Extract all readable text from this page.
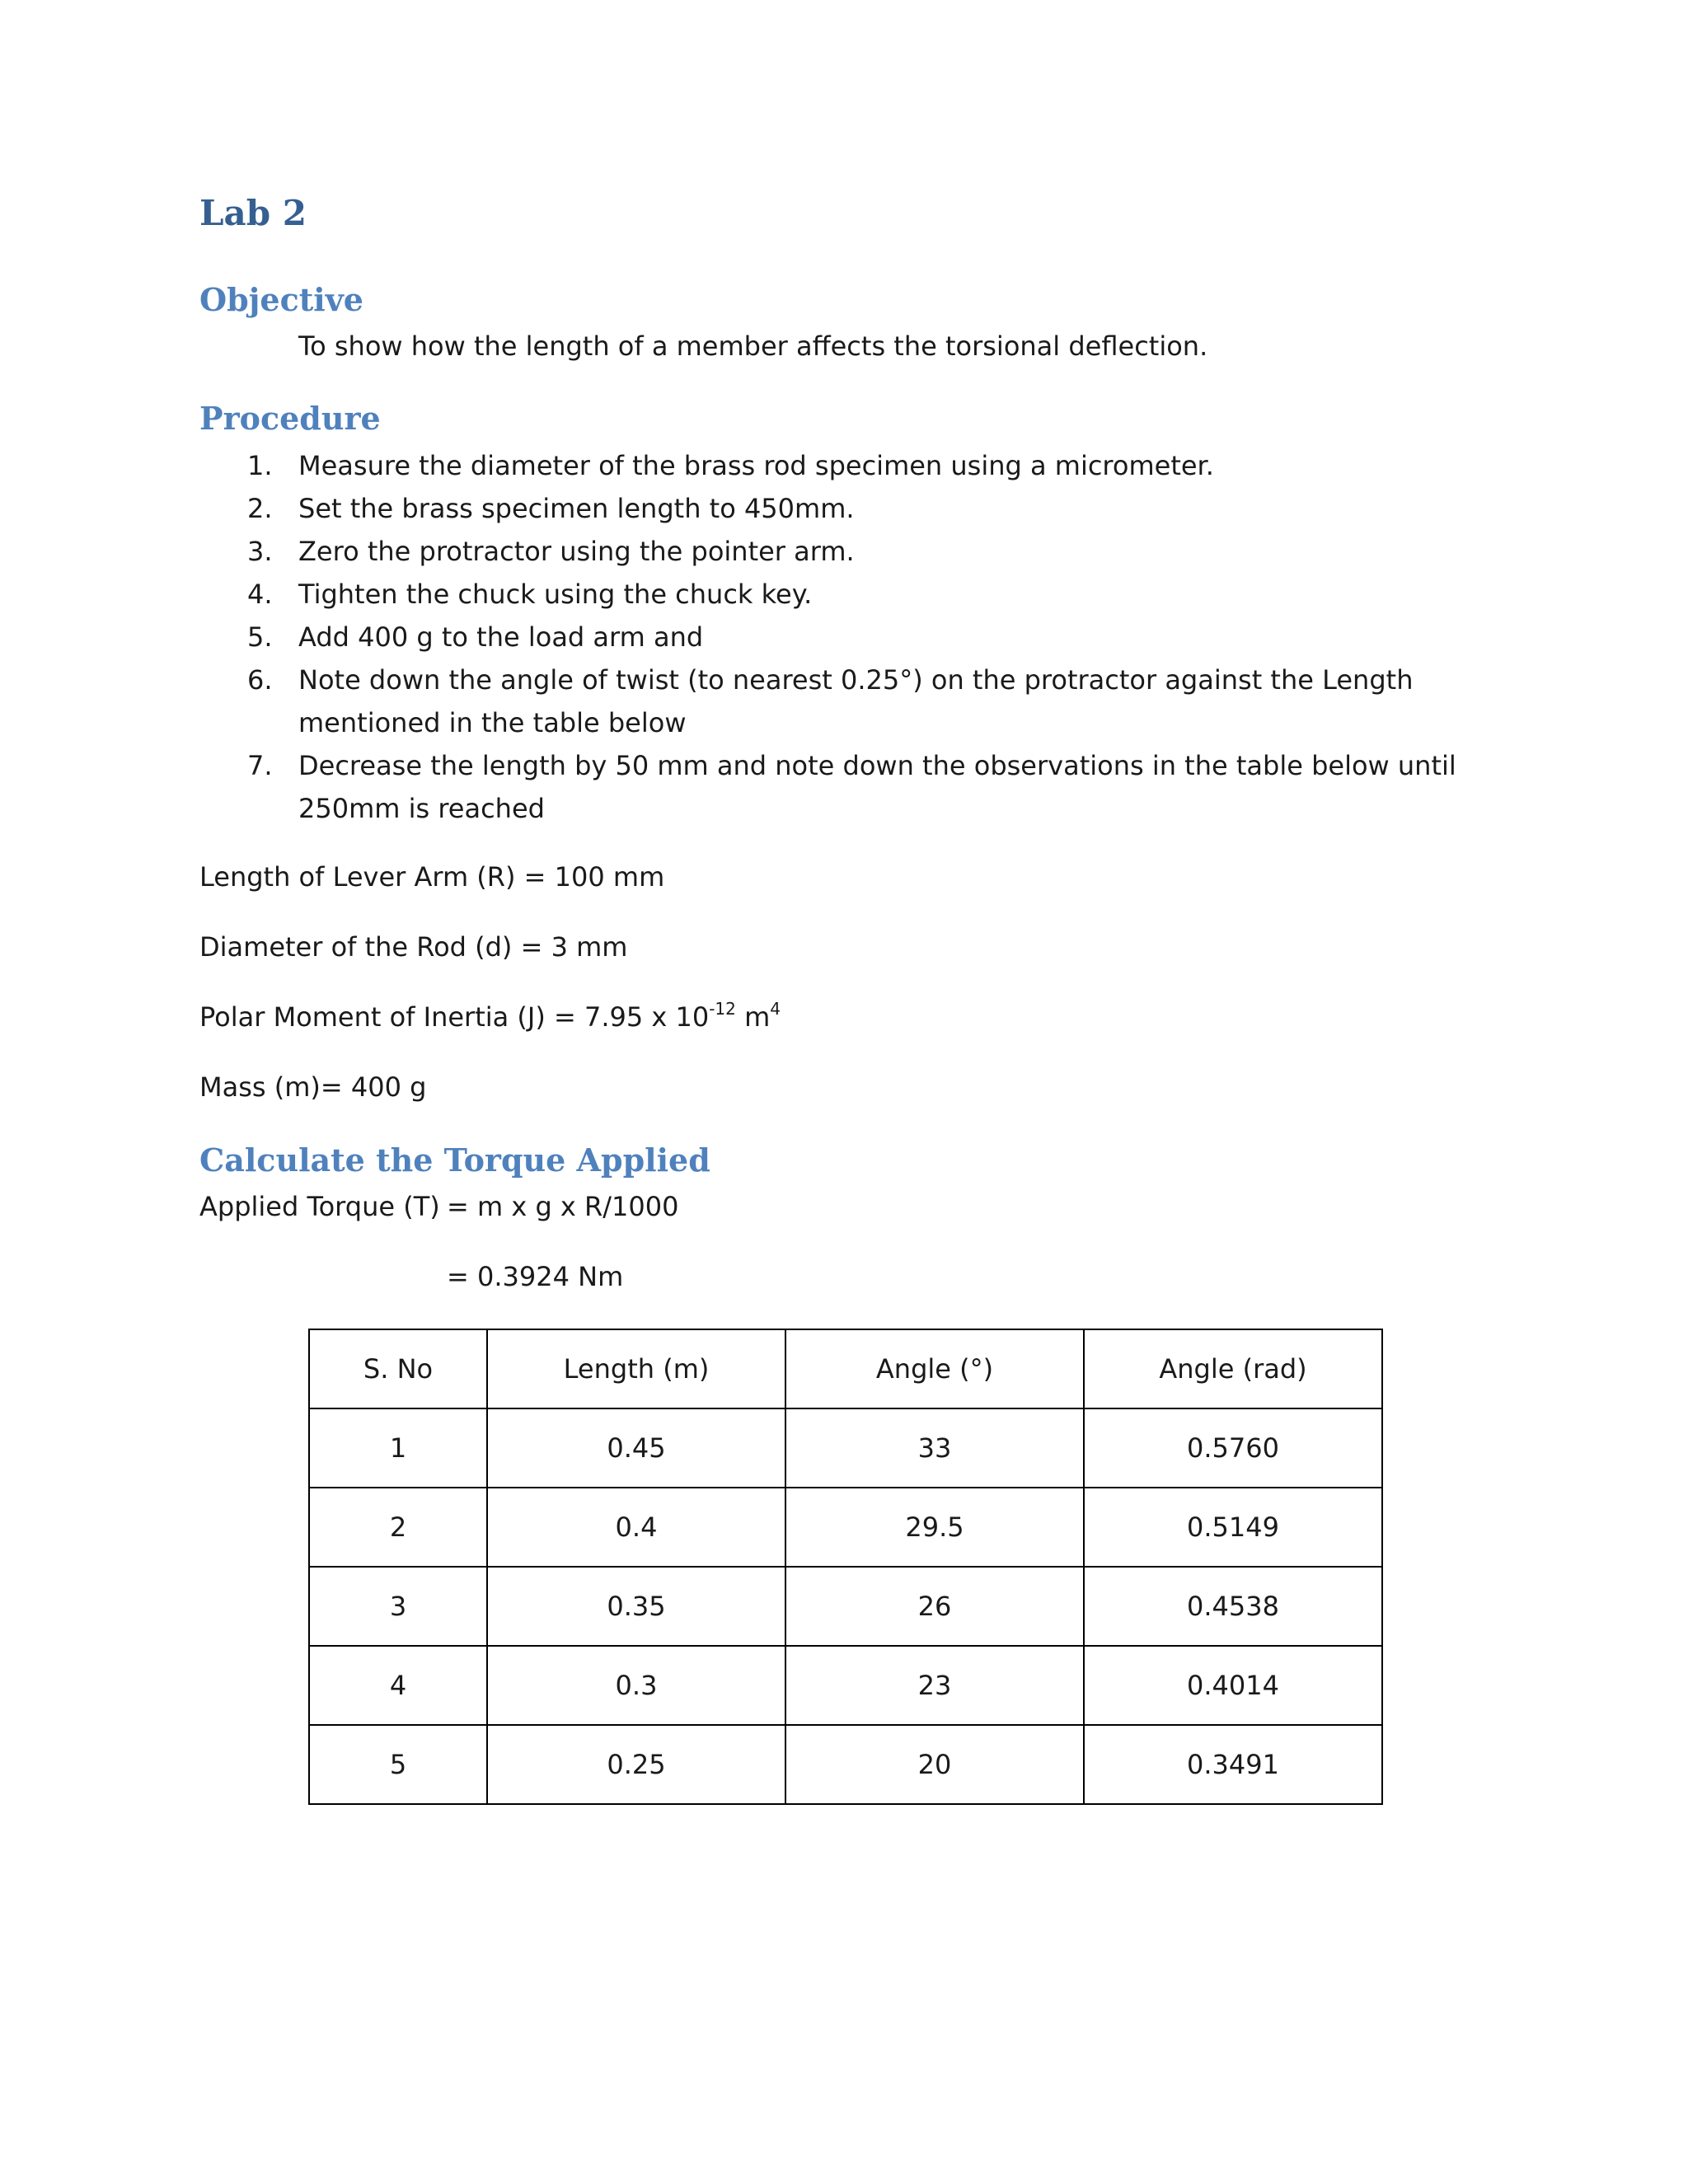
Lab 2
Objective

To show how the length of a member affects the torsional deflection.

Procedure
1. Measure the diameter of the brass rod specimen using a micrometer.
2. Set the brass specimen length to 450mm.
3. Zero the protractor using the pointer arm.
4. Tighten the chuck using the chuck key.
5. Add 400 g to the load arm and
6. Note down the angle of twist (to nearest 0.25°) on the protractor against the Length mentioned in the table below
7. Decrease the length by 50 mm and note down the observations in the table below until 250mm is reached

Length of Lever Arm (R) = 100 mm

Diameter of the Rod (d) = 3 mm

Polar Moment of Inertia (J) = 7.95 x $10^{-12}$ $m^4$

Mass (m)= 400 g

Calculate the Torque Applied

Applied Torque (T) = m x g x R/1000

= 0.3924 Nm

S. No	Length (m)	Angle (°)	Angle (rad)
1	0.45	33	0.5760
2	0.4	29.5	0.5149
3	0.35	26	0.4538
4	0.3	23	0.4014
5	0.25	20	0.3491
